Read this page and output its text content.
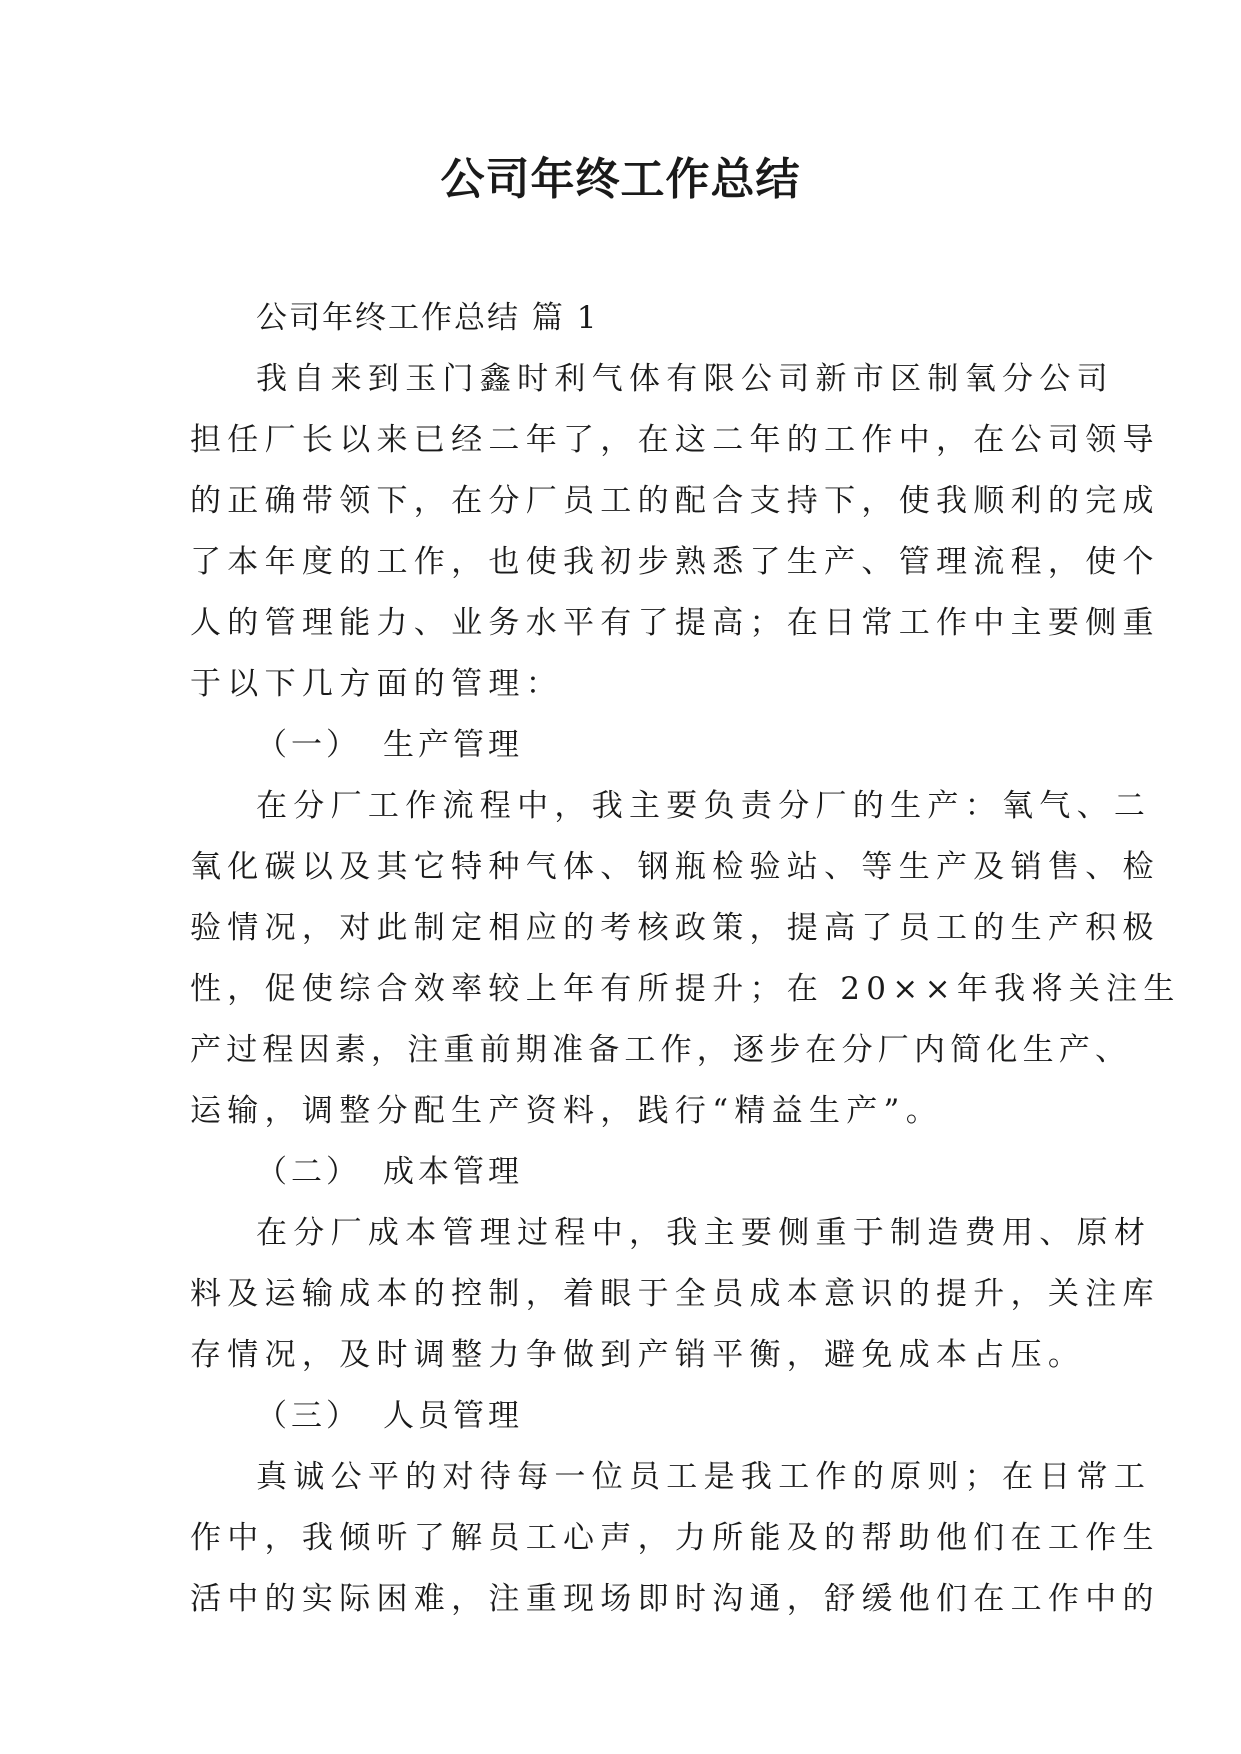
公司年终工作总结
公司年终工作总结 篇 1
我自来到玉门鑫时利气体有限公司新市区制氧分公司
担任厂长以来已经二年了，在这二年的工作中，在公司领导
的正确带领下，在分厂员工的配合支持下，使我顺利的完成
了本年度的工作，也使我初步熟悉了生产、管理流程，使个
人的管理能力、业务水平有了提高；在日常工作中主要侧重
于以下几方面的管理：
（一） 生产管理
在分厂工作流程中，我主要负责分厂的生产：氧气、二
氧化碳以及其它特种气体、钢瓶检验站、等生产及销售、检
验情况，对此制定相应的考核政策，提高了员工的生产积极
性，促使综合效率较上年有所提升；在 20××年我将关注生
产过程因素，注重前期准备工作，逐步在分厂内简化生产、
运输，调整分配生产资料，践行“精益生产”。
（二） 成本管理
在分厂成本管理过程中，我主要侧重于制造费用、原材
料及运输成本的控制，着眼于全员成本意识的提升，关注库
存情况，及时调整力争做到产销平衡，避免成本占压。
（三） 人员管理
真诚公平的对待每一位员工是我工作的原则；在日常工
作中，我倾听了解员工心声，力所能及的帮助他们在工作生
活中的实际困难，注重现场即时沟通，舒缓他们在工作中的
